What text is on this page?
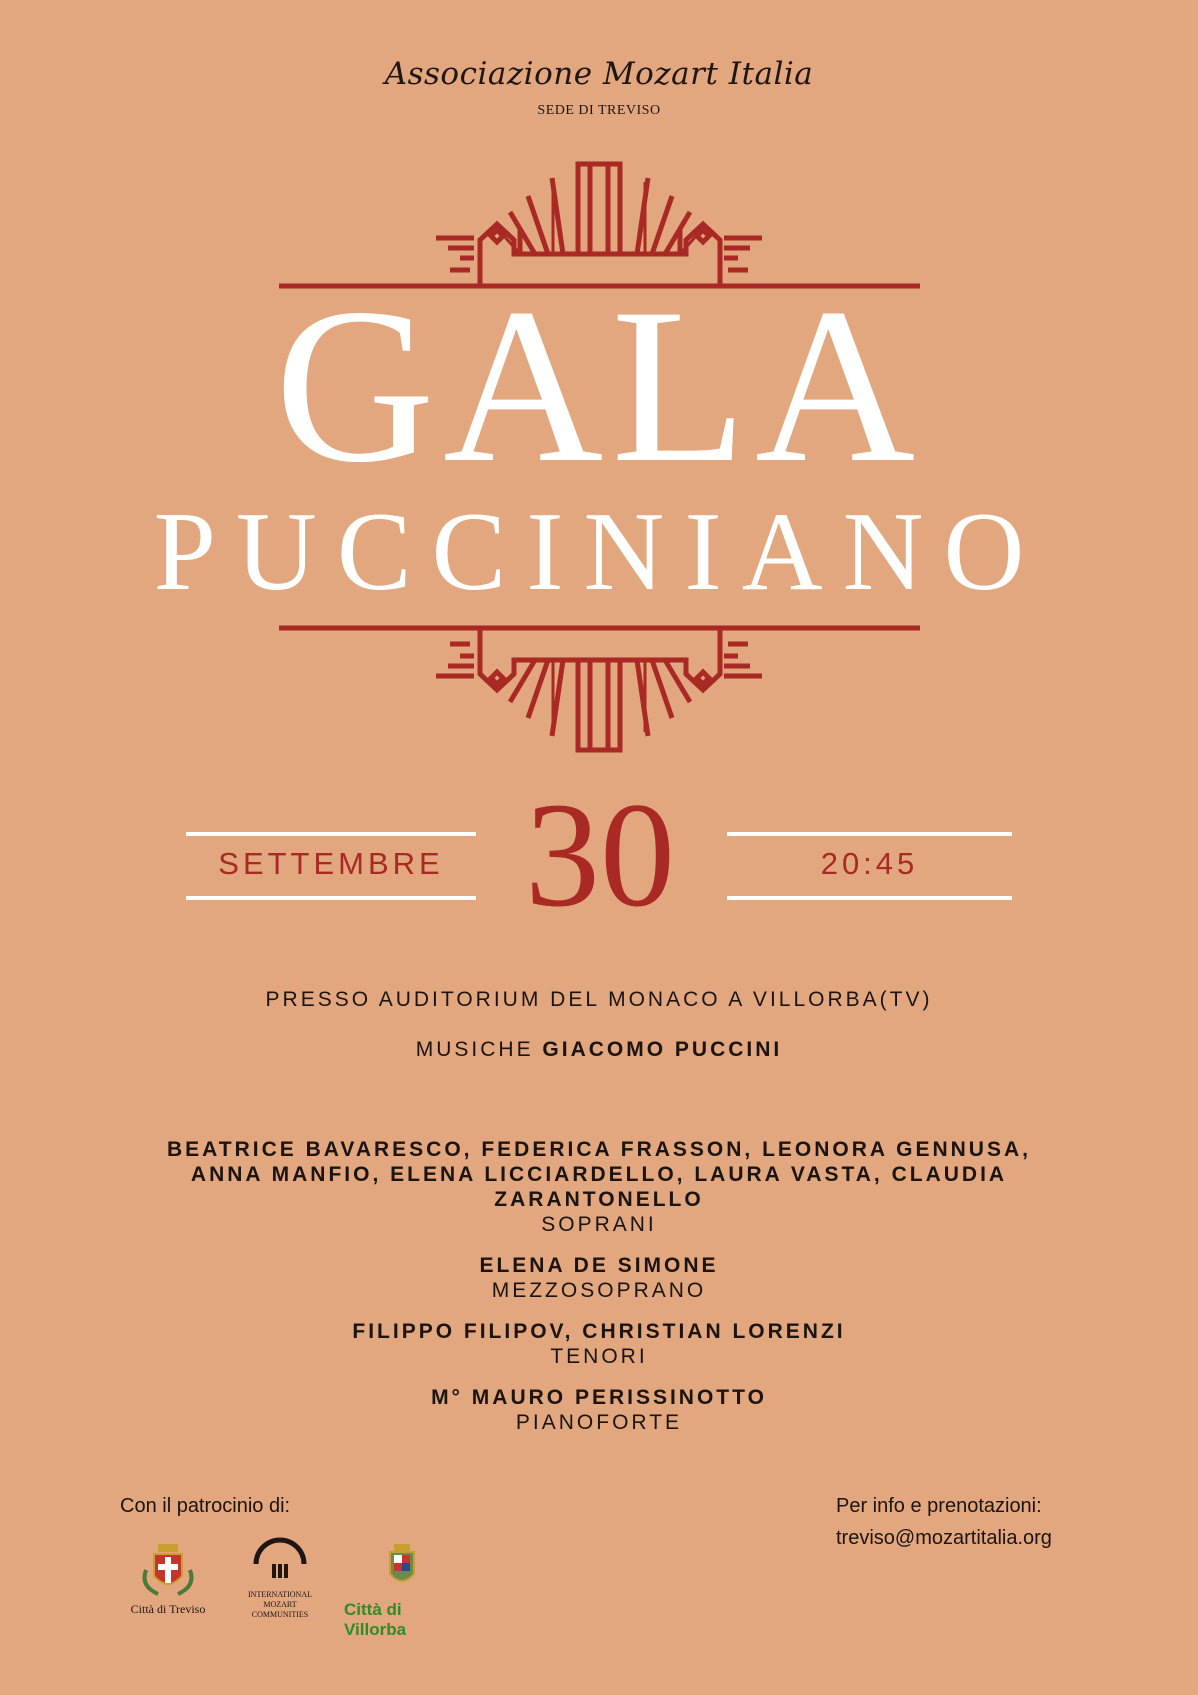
Associazione Mozart Italia
SEDE DI TREVISO
GALA
PUCCINIANO
SETTEMBRE 30	20:45
PRESSO AUDITORIUM DEL MONACO A VILLORBA(TV)
MUSICHE GIACOMO PUCCINI
BEATRICE BAVARESCO, FEDERICA FRASSON, LEONORA GENNUSA, ANNA MANFIO, ELENA LICCIARDELLO, LAURA VASTA, CLAUDIA ZARANTONELLO
SOPRANI
ELENA DE SIMONE
MEZZOSOPRANO
FILIPPO FILIPOV, CHRISTIAN LORENZI
TENORI
M° MAURO PERISSINOTTO
PIANOFORTE
Con il patrocinio di:	Per info e prenotazioni:
treviso@mozartitalia.org
Città di Treviso
INTERNATIONAL MOZART COMMUNITIES	Città di Villorba
